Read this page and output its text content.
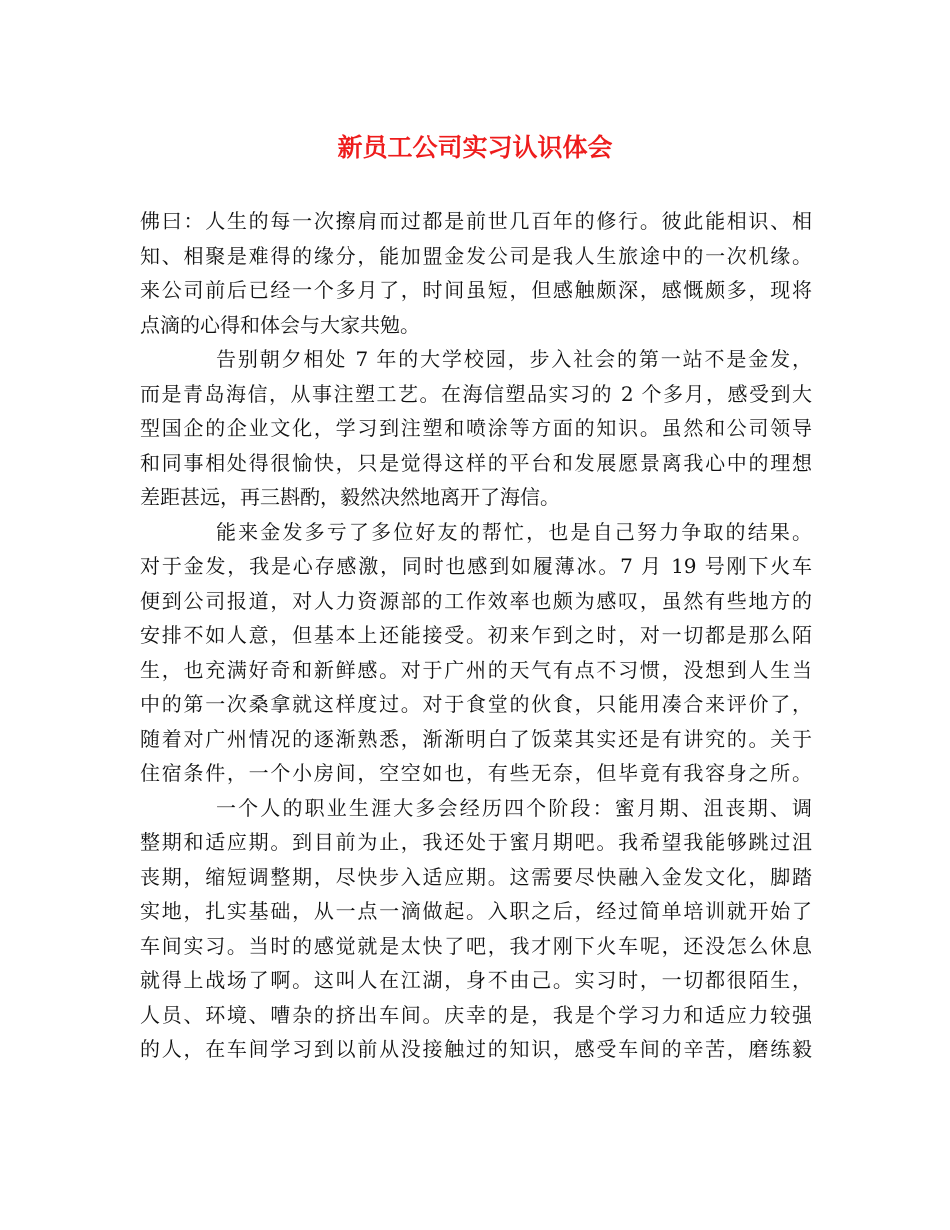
新员工公司实习认识体会
佛曰：人生的每一次擦肩而过都是前世几百年的修行。彼此能相识、相
知、相聚是难得的缘分，能加盟金发公司是我人生旅途中的一次机缘。
来公司前后已经一个多月了，时间虽短，但感触颇深，感慨颇多，现将
点滴的心得和体会与大家共勉。
告别朝夕相处 7 年的大学校园，步入社会的第一站不是金发，
而是青岛海信，从事注塑工艺。在海信塑品实习的 2 个多月，感受到大
型国企的企业文化，学习到注塑和喷涂等方面的知识。虽然和公司领导
和同事相处得很愉快，只是觉得这样的平台和发展愿景离我心中的理想
差距甚远，再三斟酌，毅然决然地离开了海信。
能来金发多亏了多位好友的帮忙，也是自己努力争取的结果。
对于金发，我是心存感激，同时也感到如履薄冰。7 月 19 号刚下火车
便到公司报道，对人力资源部的工作效率也颇为感叹，虽然有些地方的
安排不如人意，但基本上还能接受。初来乍到之时，对一切都是那么陌
生，也充满好奇和新鲜感。对于广州的天气有点不习惯，没想到人生当
中的第一次桑拿就这样度过。对于食堂的伙食，只能用凑合来评价了，
随着对广州情况的逐渐熟悉，渐渐明白了饭菜其实还是有讲究的。关于
住宿条件，一个小房间，空空如也，有些无奈，但毕竟有我容身之所。
一个人的职业生涯大多会经历四个阶段：蜜月期、沮丧期、调
整期和适应期。到目前为止，我还处于蜜月期吧。我希望我能够跳过沮
丧期，缩短调整期，尽快步入适应期。这需要尽快融入金发文化，脚踏
实地，扎实基础，从一点一滴做起。入职之后，经过简单培训就开始了
车间实习。当时的感觉就是太快了吧，我才刚下火车呢，还没怎么休息
就得上战场了啊。这叫人在江湖，身不由己。实习时，一切都很陌生，
人员、环境、嘈杂的挤出车间。庆幸的是，我是个学习力和适应力较强
的人，在车间学习到以前从没接触过的知识，感受车间的辛苦，磨练毅
